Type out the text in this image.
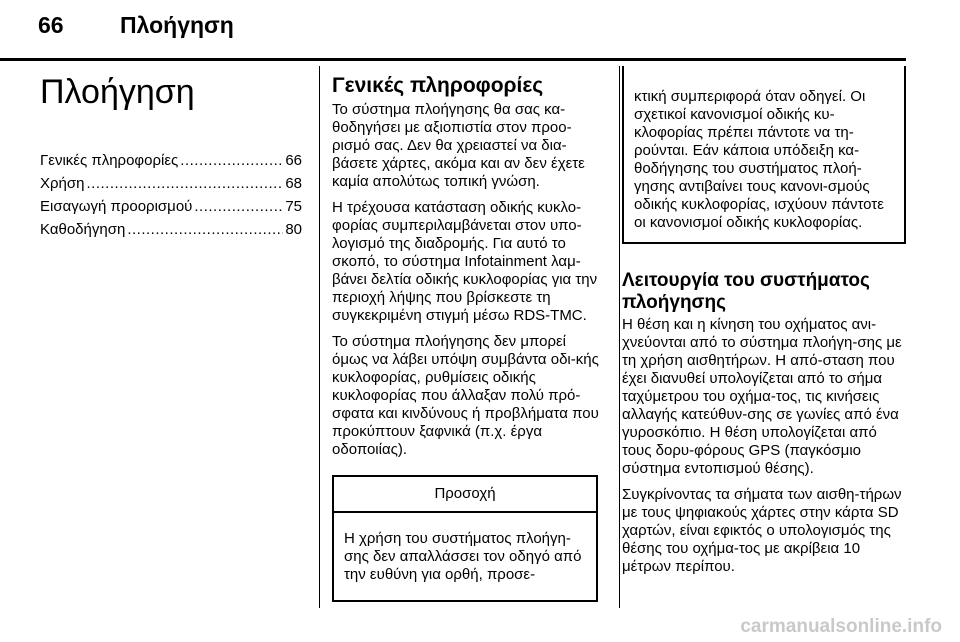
66 Πλοήγηση
Πλοήγηση
Γενικές πληροφορίες .....	66
Χρήση .....	68
Εισαγωγή προορισμού .....	75
Καθοδήγηση .....	80
Γενικές πληροφορίες

Το σύστημα πλοήγησης θα σας κα-θοδηγήσει με αξιοπιστία στον προο-ρισμό σας. Δεν θα χρειαστεί να δια-βάσετε χάρτες, ακόμα και αν δεν έχετε καμία απολύτως τοπική γνώση.

Η τρέχουσα κατάσταση οδικής κυκλο-φορίας συμπεριλαμβάνεται στον υπο-λογισμό της διαδρομής. Για αυτό το σκοπό, το σύστημα Infotainment λαμ-βάνει δελτία οδικής κυκλοφορίας για την περιοχή λήψης που βρίσκεστε τη συγκεκριμένη στιγμή μέσω RDS-TMC.

Το σύστημα πλοήγησης δεν μπορεί όμως να λάβει υπόψη συμβάντα οδι-κής κυκλοφορίας, ρυθμίσεις οδικής κυκλοφορίας που άλλαξαν πολύ πρό-σφατα και κινδύνους ή προβλήματα που προκύπτουν ξαφνικά (π.χ. έργα οδοποιίας).

Προσοχή
Η χρήση του συστήματος πλοήγη-σης δεν απαλλάσσει τον οδηγό από την ευθύνη για ορθή, προσε-

κτική συμπεριφορά όταν οδηγεί. Οι σχετικοί κανονισμοί οδικής κυ-κλοφορίας πρέπει πάντοτε να τη-ρούνται. Εάν κάποια υπόδειξη κα-θοδήγησης του συστήματος πλοή-γησης αντιβαίνει τους κανονι-σμούς οδικής κυκλοφορίας, ισχύουν πάντοτε οι κανονισμοί οδικής κυκλοφορίας.

Λειτουργία του συστήματος πλοήγησης

Η θέση και η κίνηση του οχήματος ανι-χνεύονται από το σύστημα πλοήγη-σης με τη χρήση αισθητήρων. Η από-σταση που έχει διανυθεί υπολογίζεται από το σήμα ταχύμετρου του οχήμα-τος, τις κινήσεις αλλαγής κατεύθυν-σης σε γωνίες από ένα γυροσκόπιο. Η θέση υπολογίζεται από τους δορυ-φόρους GPS (παγκόσμιο σύστημα εντοπισμού θέσης).

Συγκρίνοντας τα σήματα των αισθη-τήρων με τους ψηφιακούς χάρτες στην κάρτα SD χαρτών, είναι εφικτός ο υπολογισμός της θέσης του οχήμα-τος με ακρίβεια 10 μέτρων περίπου.

carmanualsonline.info
